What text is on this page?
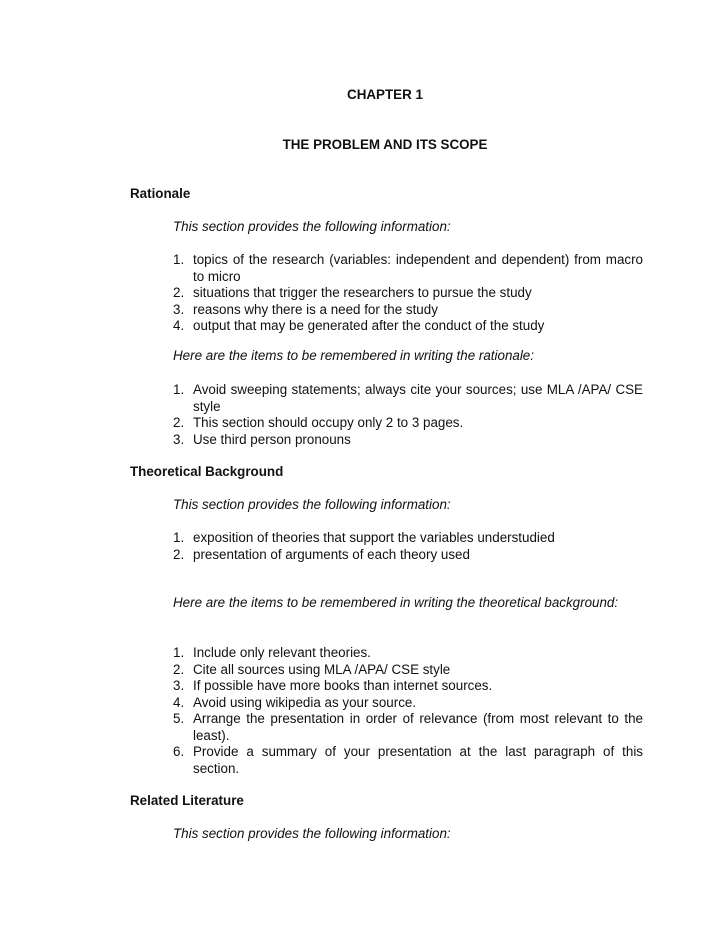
CHAPTER 1
THE PROBLEM AND ITS SCOPE
Rationale
This section provides the following information:
1. topics of the research (variables: independent and dependent) from macro to micro
2. situations that trigger the researchers to pursue the study
3. reasons why there is a need for the study
4. output that may be generated after the conduct of the study
Here are the items to be remembered in writing the rationale:
1. Avoid sweeping statements; always cite your sources; use MLA /APA/ CSE style
2. This section should occupy only 2 to 3 pages.
3. Use third person pronouns
Theoretical Background
This section provides the following information:
1. exposition of theories that support the variables understudied
2. presentation of arguments of each theory used
Here are the items to be remembered in writing the theoretical background:
1. Include only relevant theories.
2. Cite all sources using MLA /APA/ CSE style
3. If possible have more books than internet sources.
4. Avoid using wikipedia as your source.
5. Arrange the presentation in order of relevance (from most relevant to the least).
6. Provide a summary of your presentation at the last paragraph of this section.
Related Literature
This section provides the following information:
